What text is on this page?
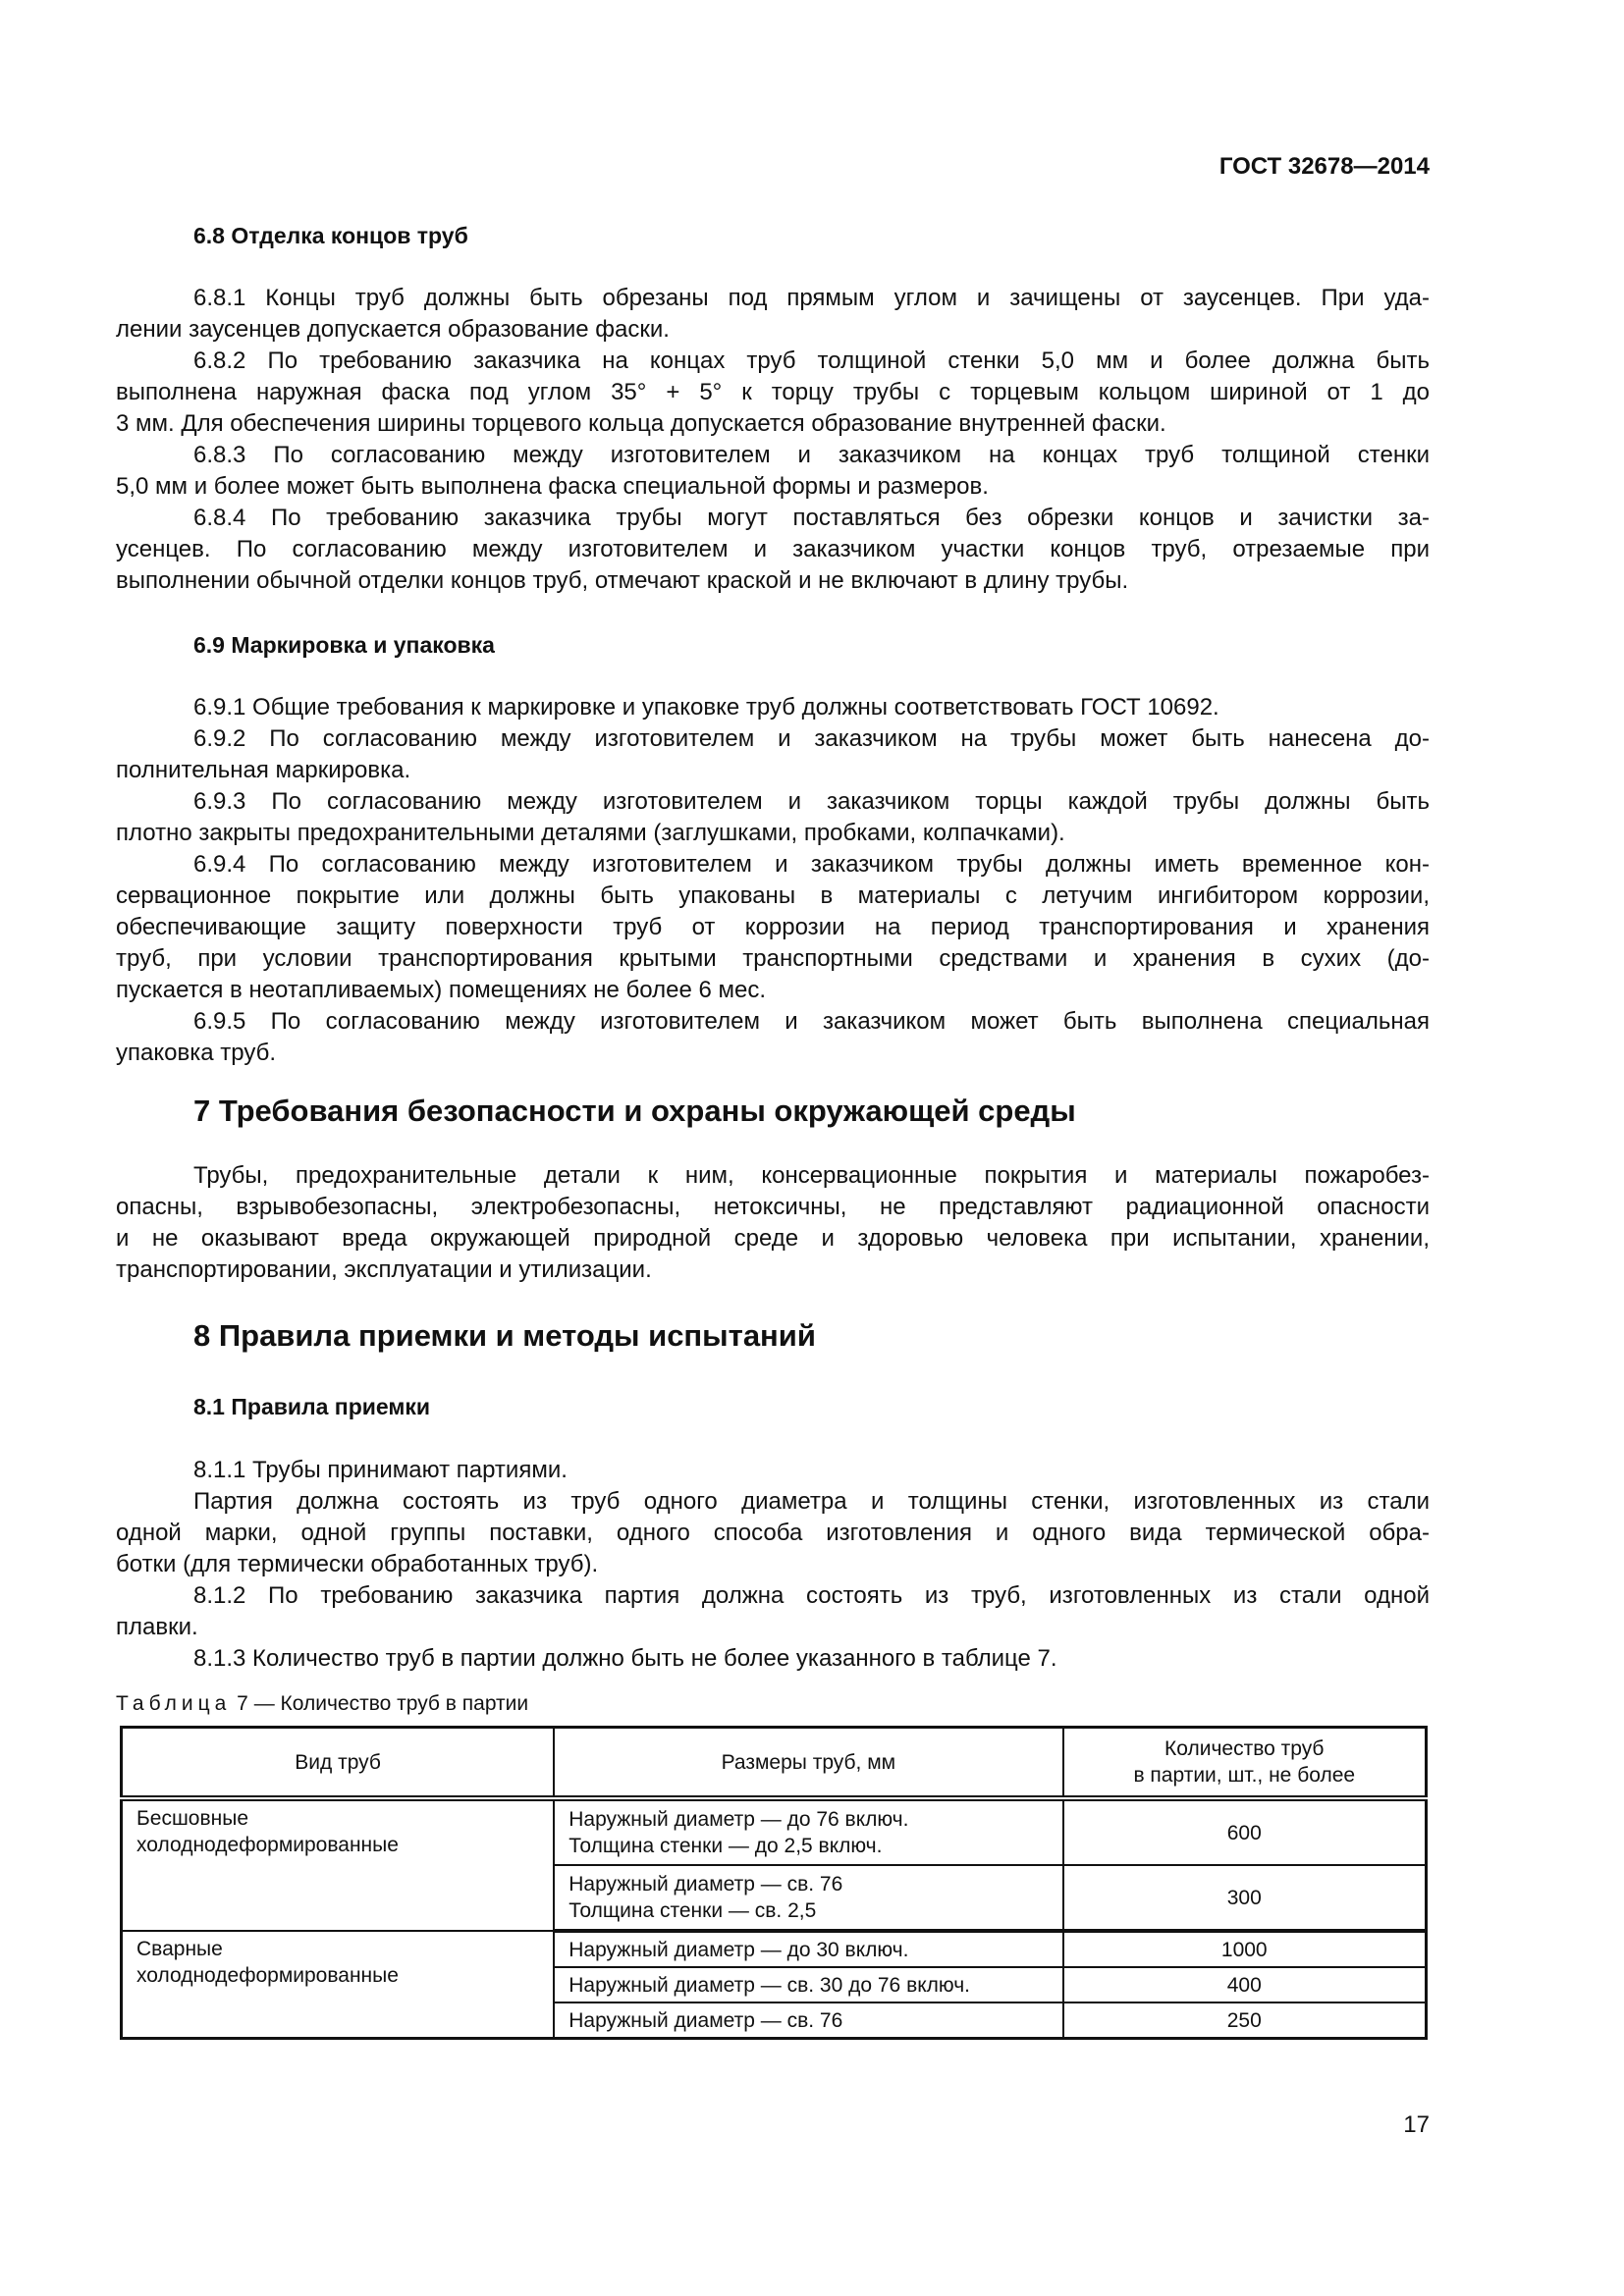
ГОСТ 32678—2014
6.8 Отделка концов труб
6.8.1 Концы труб должны быть обрезаны под прямым углом и зачищены от заусенцев. При уда-
лении заусенцев допускается образование фаски.
6.8.2 По требованию заказчика на концах труб толщиной стенки 5,0 мм и более должна быть
выполнена наружная фаска под углом 35° + 5° к торцу трубы с торцевым кольцом шириной от 1 до
3 мм. Для обеспечения ширины торцевого кольца допускается образование внутренней фаски.
6.8.3 По согласованию между изготовителем и заказчиком на концах труб толщиной стенки
5,0 мм и более может быть выполнена фаска специальной формы и размеров.
6.8.4 По требованию заказчика трубы могут поставляться без обрезки концов и зачистки за-
усенцев. По согласованию между изготовителем и заказчиком участки концов труб, отрезаемые при
выполнении обычной отделки концов труб, отмечают краской и не включают в длину трубы.
6.9 Маркировка и упаковка
6.9.1 Общие требования к маркировке и упаковке труб должны соответствовать ГОСТ 10692.
6.9.2 По согласованию между изготовителем и заказчиком на трубы может быть нанесена до-
полнительная маркировка.
6.9.3 По согласованию между изготовителем и заказчиком торцы каждой трубы должны быть
плотно закрыты предохранительными деталями (заглушками, пробками, колпачками).
6.9.4 По согласованию между изготовителем и заказчиком трубы должны иметь временное кон-
сервационное покрытие или должны быть упакованы в материалы с летучим ингибитором коррозии,
обеспечивающие защиту поверхности труб от коррозии на период транспортирования и хранения
труб, при условии транспортирования крытыми транспортными средствами и хранения в сухих (до-
пускается в неотапливаемых) помещениях не более 6 мес.
6.9.5 По согласованию между изготовителем и заказчиком может быть выполнена специальная
упаковка труб.
7 Требования безопасности и охраны окружающей среды
Трубы, предохранительные детали к ним, консервационные покрытия и материалы пожаробез-
опасны, взрывобезопасны, электробезопасны, нетоксичны, не представляют радиационной опасности
и не оказывают вреда окружающей природной среде и здоровью человека при испытании, хранении,
транспортировании, эксплуатации и утилизации.
8 Правила приемки и методы испытаний
8.1 Правила приемки
8.1.1 Трубы принимают партиями.
Партия должна состоять из труб одного диаметра и толщины стенки, изготовленных из стали
одной марки, одной группы поставки, одного способа изготовления и одного вида термической обра-
ботки (для термически обработанных труб).
8.1.2 По требованию заказчика партия должна состоять из труб, изготовленных из стали одной
плавки.
8.1.3 Количество труб в партии должно быть не более указанного в таблице 7.
Таблица 7 — Количество труб в партии
Вид труб	Размеры труб, мм	Количество труб
в партии, шт., не более

Бесшовные
холоднодеформированные	Наружный диаметр — до 76 включ.
Толщина стенки — до 2,5 включ.	600

	Наружный диаметр — св. 76
Толщина стенки — св. 2,5	300

Сварные
холоднодеформированные	Наружный диаметр — до 30 включ.	1000

	Наружный диаметр — св. 30 до 76 включ.	400

	Наружный диаметр — св. 76	250
17
